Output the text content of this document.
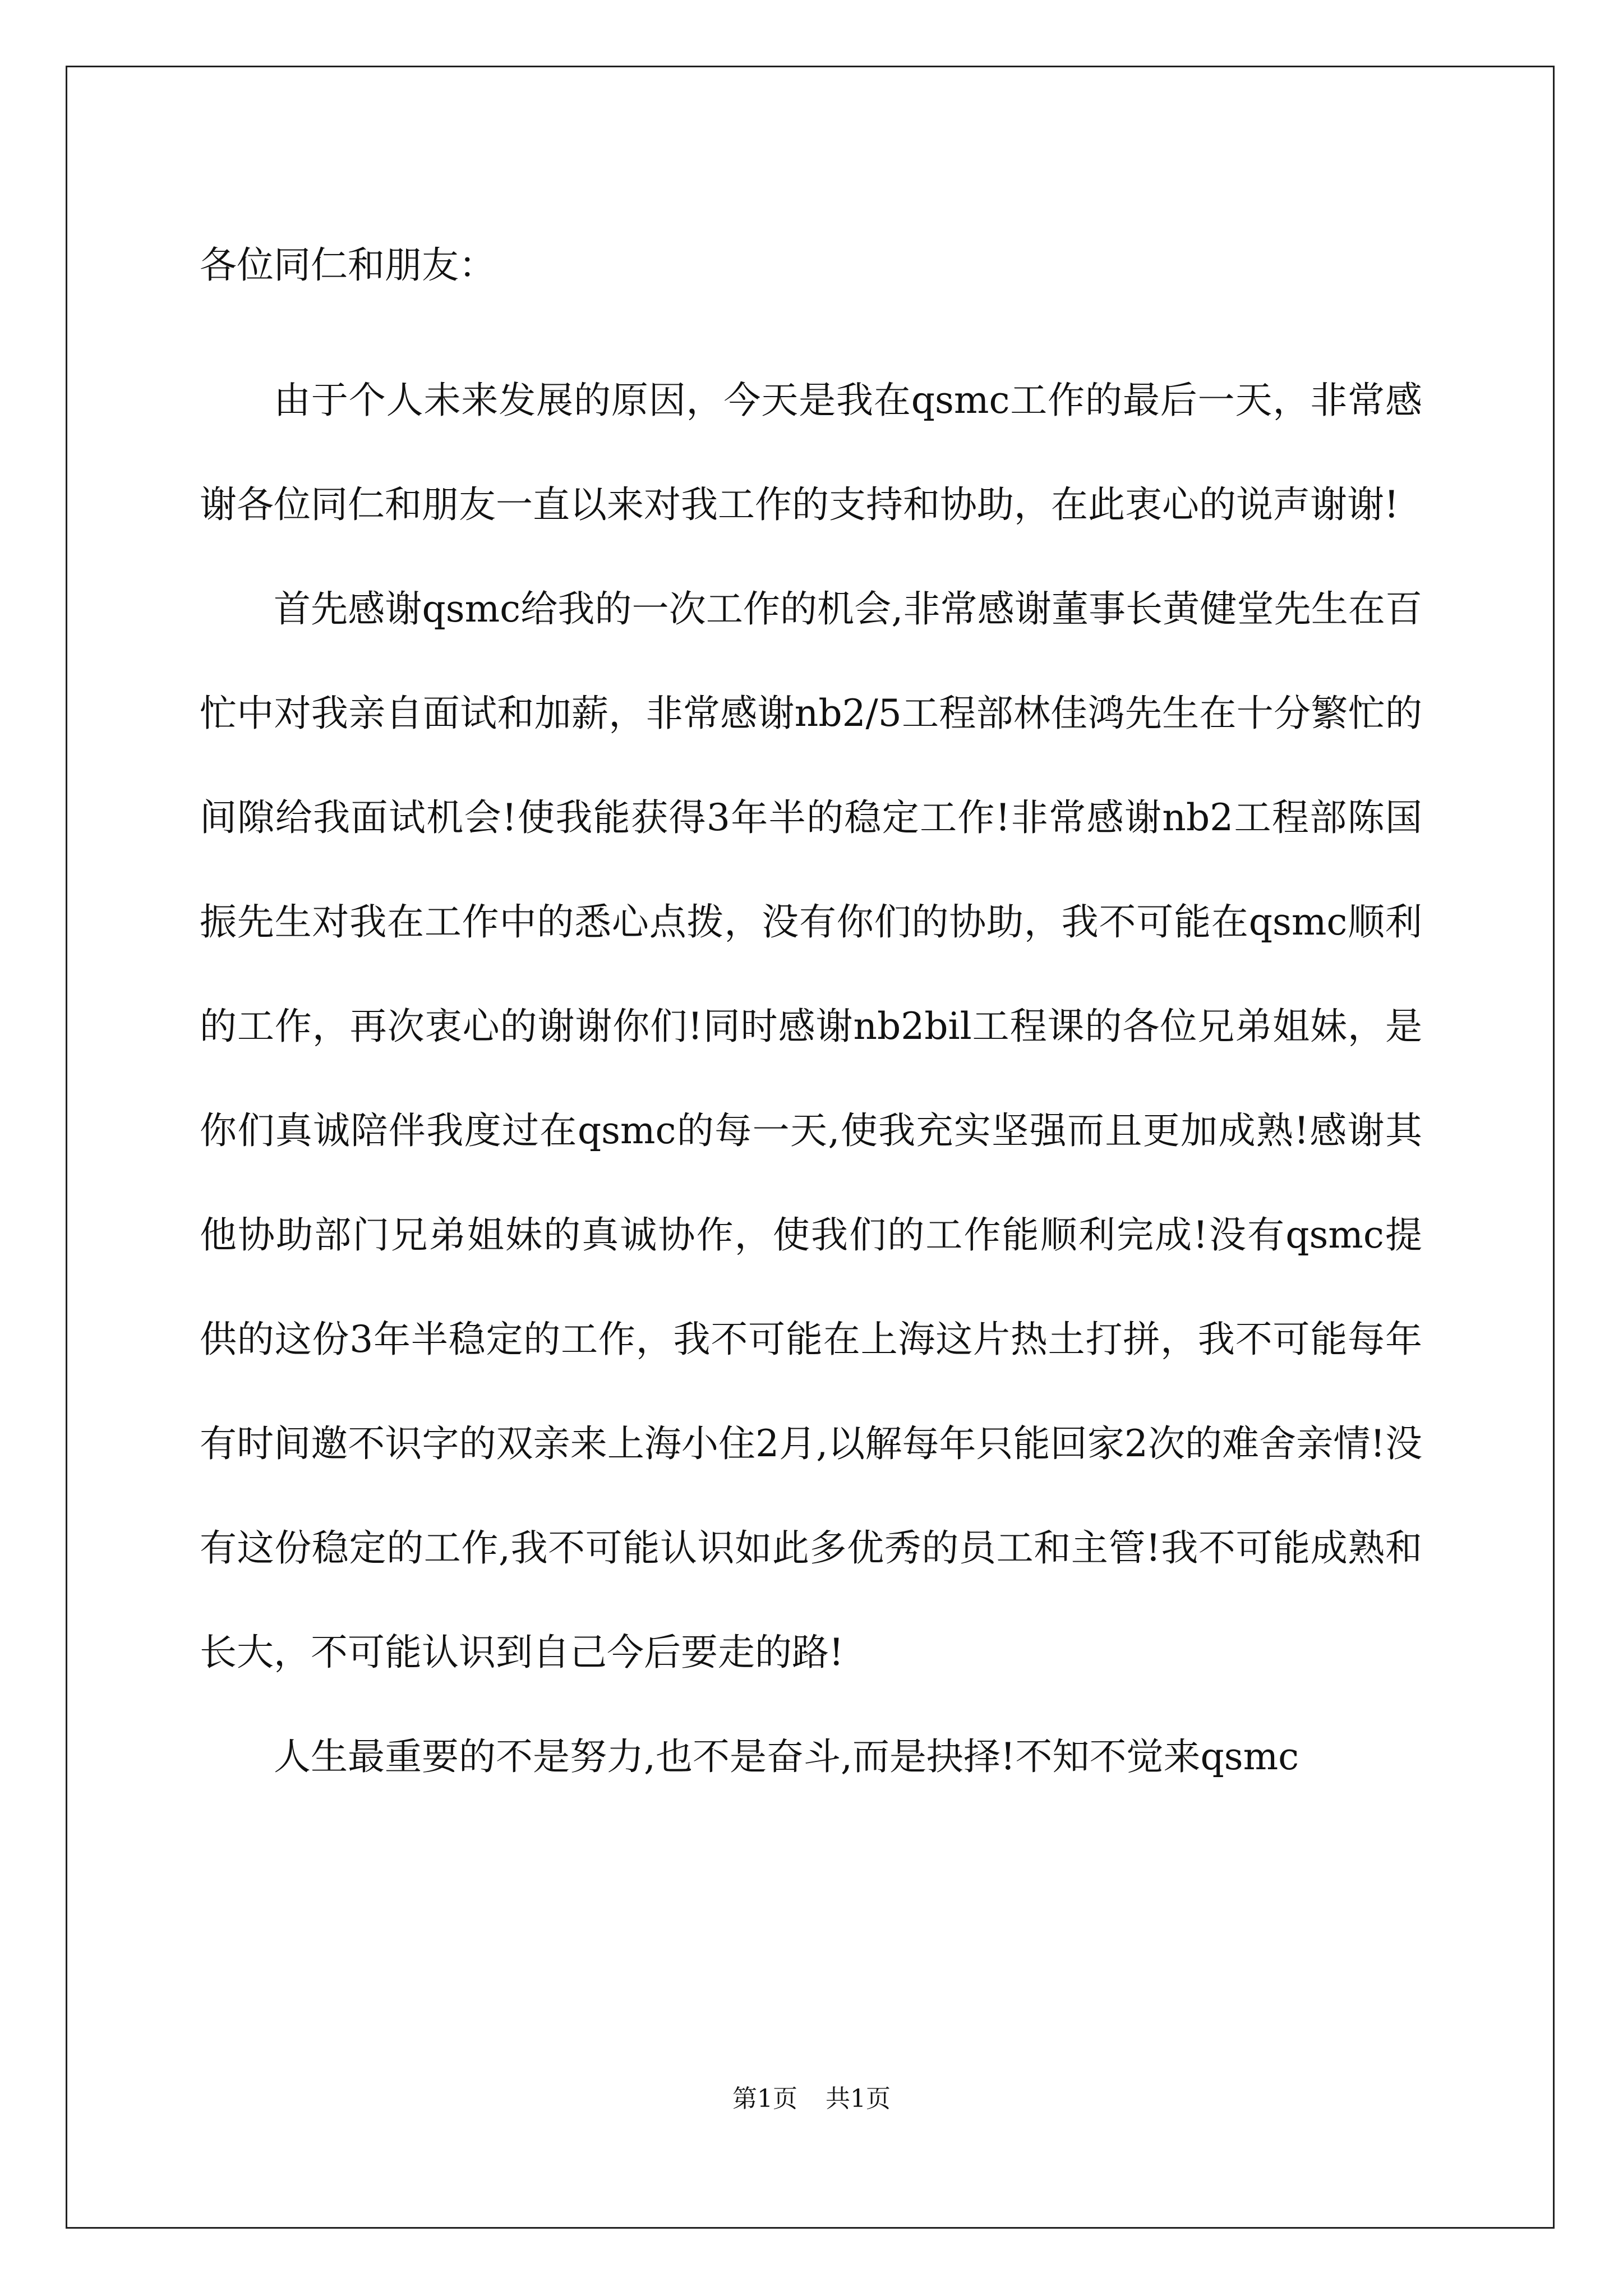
各位同仁和朋友：

由于个人未来发展的原因，今天是我在qsmc工作的最后一天，非常感谢各位同仁和朋友一直以来对我工作的支持和协助，在此衷心的说声谢谢!

首先感谢qsmc给我的一次工作的机会,非常感谢董事长黄健堂先生在百忙中对我亲自面试和加薪，非常感谢nb2/5工程部林佳鸿先生在十分繁忙的间隙给我面试机会!使我能获得3年半的稳定工作!非常感谢nb2工程部陈国振先生对我在工作中的悉心点拨，没有你们的协助，我不可能在qsmc顺利的工作，再次衷心的谢谢你们!同时感谢nb2bil工程课的各位兄弟姐妹，是你们真诚陪伴我度过在qsmc的每一天,使我充实坚强而且更加成熟!感谢其他协助部门兄弟姐妹的真诚协作，使我们的工作能顺利完成!没有qsmc提供的这份3年半稳定的工作，我不可能在上海这片热土打拼，我不可能每年有时间邀不识字的双亲来上海小住2月,以解每年只能回家2次的难舍亲情!没有这份稳定的工作,我不可能认识如此多优秀的员工和主管!我不可能成熟和长大，不可能认识到自己今后要走的路!

人生最重要的不是努力,也不是奋斗,而是抉择!不知不觉来qsmc

第1页 共1页
